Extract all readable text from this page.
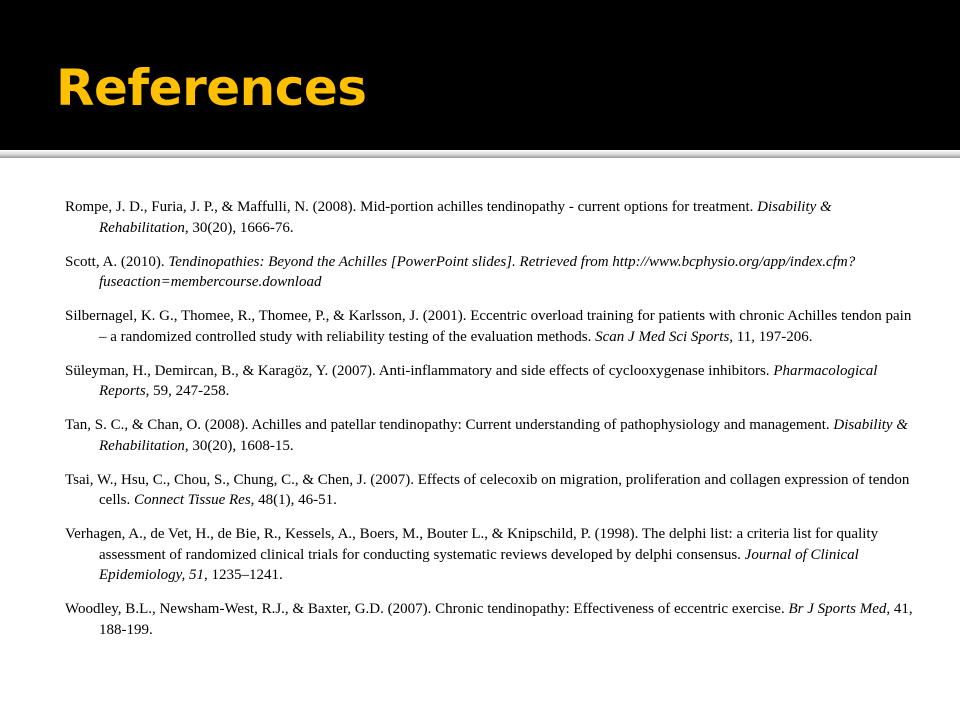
References

Rompe, J. D., Furia, J. P., & Maffulli, N. (2008). Mid-portion achilles tendinopathy - current options for treatment. Disability & Rehabilitation, 30(20), 1666-76.

Scott, A. (2010). Tendinopathies: Beyond the Achilles [PowerPoint slides]. Retrieved from http://www.bcphysio.org/app/index.cfm?fuseaction=membercourse.download

Silbernagel, K. G., Thomee, R., Thomee, P., & Karlsson, J. (2001). Eccentric overload training for patients with chronic Achilles tendon pain – a randomized controlled study with reliability testing of the evaluation methods. Scan J Med Sci Sports, 11, 197-206.

Süleyman, H., Demircan, B., & Karagöz, Y. (2007). Anti-inflammatory and side effects of cyclooxygenase inhibitors. Pharmacological Reports, 59, 247-258.

Tan, S. C., & Chan, O. (2008). Achilles and patellar tendinopathy: Current understanding of pathophysiology and management. Disability & Rehabilitation, 30(20), 1608-15.

Tsai, W., Hsu, C., Chou, S., Chung, C., & Chen, J. (2007). Effects of celecoxib on migration, proliferation and collagen expression of tendon cells. Connect Tissue Res, 48(1), 46-51.

Verhagen, A., de Vet, H., de Bie, R., Kessels, A., Boers, M., Bouter L., & Knipschild, P. (1998). The delphi list: a criteria list for quality assessment of randomized clinical trials for conducting systematic reviews developed by delphi consensus. Journal of Clinical Epidemiology, 51, 1235–1241.

Woodley, B.L., Newsham-West, R.J., & Baxter, G.D. (2007). Chronic tendinopathy: Effectiveness of eccentric exercise. Br J Sports Med, 41, 188-199.
